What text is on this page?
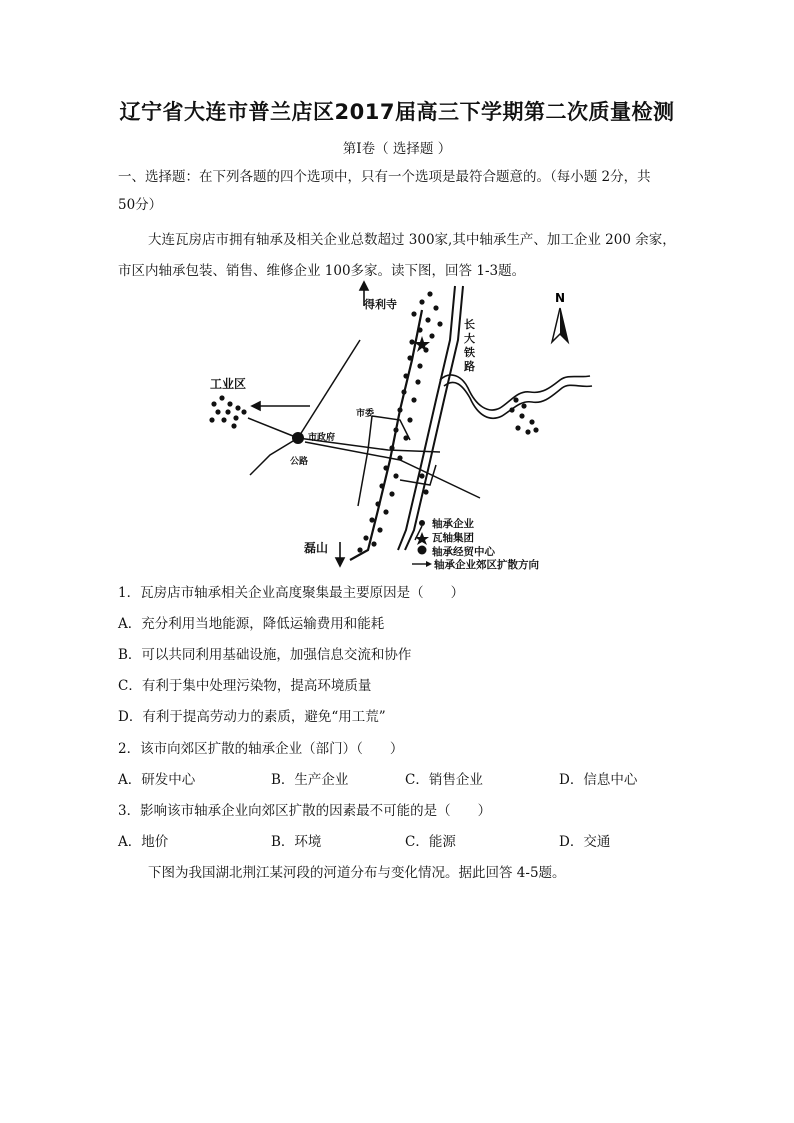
辽宁省大连市普兰店区2017届高三下学期第二次质量检测
第Ⅰ卷（ 选择题 ）
一、选择题：在下列各题的四个选项中，只有一个选项是最符合题意的。（每小题 2分，共
50分）
大连瓦房店市拥有轴承及相关企业总数超过 300家,其中轴承生产、加工企业 200 余家，
市区内轴承包装、销售、维修企业 100多家。读下图，回答 1-3题。
N
得利寺
工业区
长
大
铁
路
市委
市政府
公路
磊山
轴承企业
瓦轴集团
轴承经贸中心
轴承企业郊区扩散方向
1．瓦房店市轴承相关企业高度聚集最主要原因是（　　）
A．充分利用当地能源，降低运输费用和能耗
B．可以共同利用基础设施，加强信息交流和协作
C．有利于集中处理污染物，提高环境质量
D．有利于提高劳动力的素质，避免“用工荒”
2．该市向郊区扩散的轴承企业（部门）（　　）
A．研发中心	B．生产企业	C．销售企业	D．信息中心
3．影响该市轴承企业向郊区扩散的因素最不可能的是（　　）
A．地价	B．环境	C．能源	D．交通
下图为我国湖北荆江某河段的河道分布与变化情况。据此回答 4-5题。
